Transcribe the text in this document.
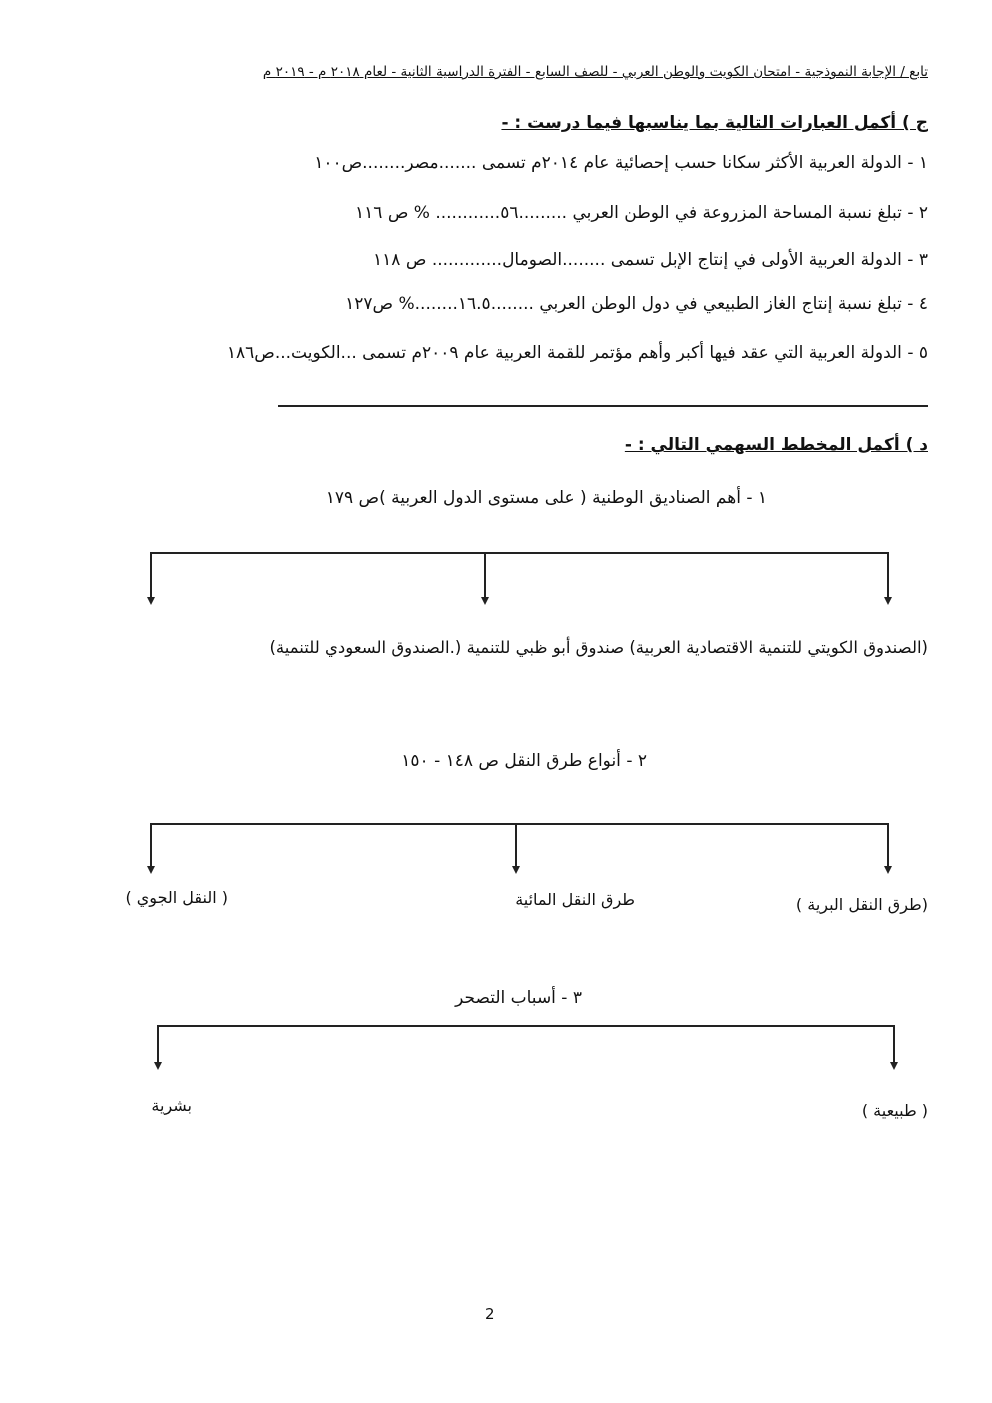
تابع / الإجابة النموذجية - امتحان الكويت والوطن العربي - للصف السابع - الفترة الدراسية الثانية - لعام ٢٠١٨ م - ٢٠١٩ م
ج ) أكمل العبارات التالية بما يناسبها فيما درست : -
١ - الدولة العربية الأكثر سكانا حسب إحصائية عام ٢٠١٤م تسمى .......مصر........ص١٠٠
٢ - تبلغ نسبة المساحة المزروعة في الوطن العربي .........٥٦............ % ص ١١٦
٣ - الدولة العربية الأولى في إنتاج الإبل تسمى ........الصومال............. ص ١١٨
٤ - تبلغ نسبة إنتاج الغاز الطبيعي في دول الوطن العربي ........١٦.٥........% ص١٢٧
٥ - الدولة العربية التي عقد فيها أكبر وأهم مؤتمر للقمة العربية عام ٢٠٠٩م تسمى ...الكويت...ص١٨٦
د ) أكمل المخطط السهمي التالي : -
١ - أهم الصناديق الوطنية ( على مستوى الدول العربية )ص ١٧٩
(الصندوق الكويتي للتنمية الاقتصادية العربية) صندوق أبو ظبي للتنمية (.الصندوق السعودي للتنمية)
٢ - أنواع طرق النقل ص ١٤٨ - ١٥٠
(طرق النقل البرية )
طرق النقل المائية
( النقل الجوي )
٣ - أسباب التصحر
( طبيعية )
بشرية
2
